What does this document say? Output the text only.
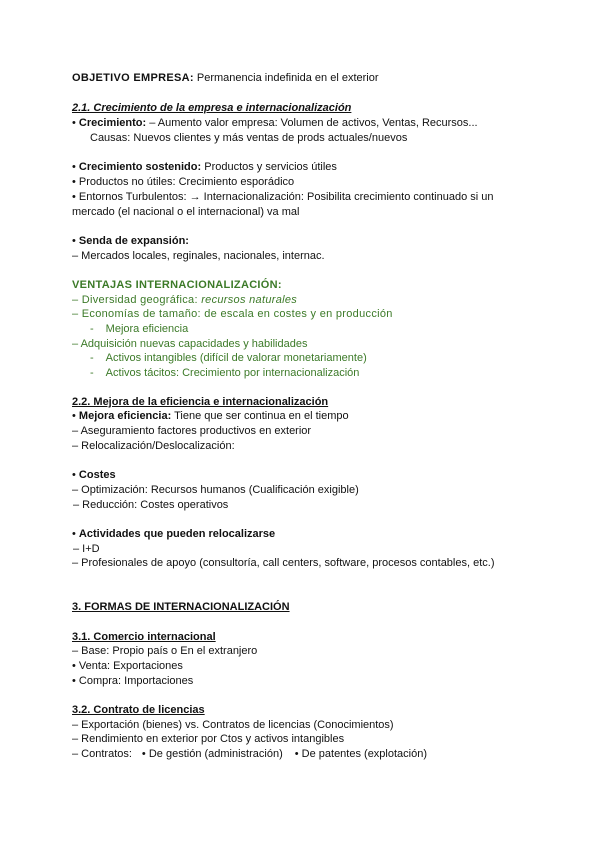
OBJETIVO EMPRESA: Permanencia indefinida en el exterior
2.1. Crecimiento de la empresa e internacionalización
• Crecimiento: – Aumento valor empresa: Volumen de activos, Ventas, Recursos...
Causas: Nuevos clientes y más ventas de prods actuales/nuevos
• Crecimiento sostenido: Productos y servicios útiles
• Productos no útiles: Crecimiento esporádico
• Entornos Turbulentos: → Internacionalización: Posibilita crecimiento continuado si un
mercado (el nacional o el internacional) va mal
• Senda de expansión:
– Mercados locales, reginales, nacionales, internac.
VENTAJAS INTERNACIONALIZACIÓN:
– Diversidad geográfica: recursos naturales
– Economías de tamaño: de escala en costes y en producción
- Mejora eficiencia
– Adquisición nuevas capacidades y habilidades
- Activos intangibles (difícil de valorar monetariamente)
- Activos tácitos: Crecimiento por internacionalización
2.2. Mejora de la eficiencia e internacionalización
• Mejora eficiencia: Tiene que ser continua en el tiempo
– Aseguramiento factores productivos en exterior
– Relocalización/Deslocalización:
• Costes
– Optimización: Recursos humanos (Cualificación exigible)
– Reducción: Costes operativos
• Actividades que pueden relocalizarse
– I+D
– Profesionales de apoyo (consultoría, call centers, software, procesos contables, etc.)
3. FORMAS DE INTERNACIONALIZACIÓN
3.1. Comercio internacional
– Base: Propio país o En el extranjero
• Venta: Exportaciones
• Compra: Importaciones
3.2. Contrato de licencias
– Exportación (bienes) vs. Contratos de licencias (Conocimientos)
– Rendimiento en exterior por Ctos y activos intangibles
– Contratos: • De gestión (administración) • De patentes (explotación)
